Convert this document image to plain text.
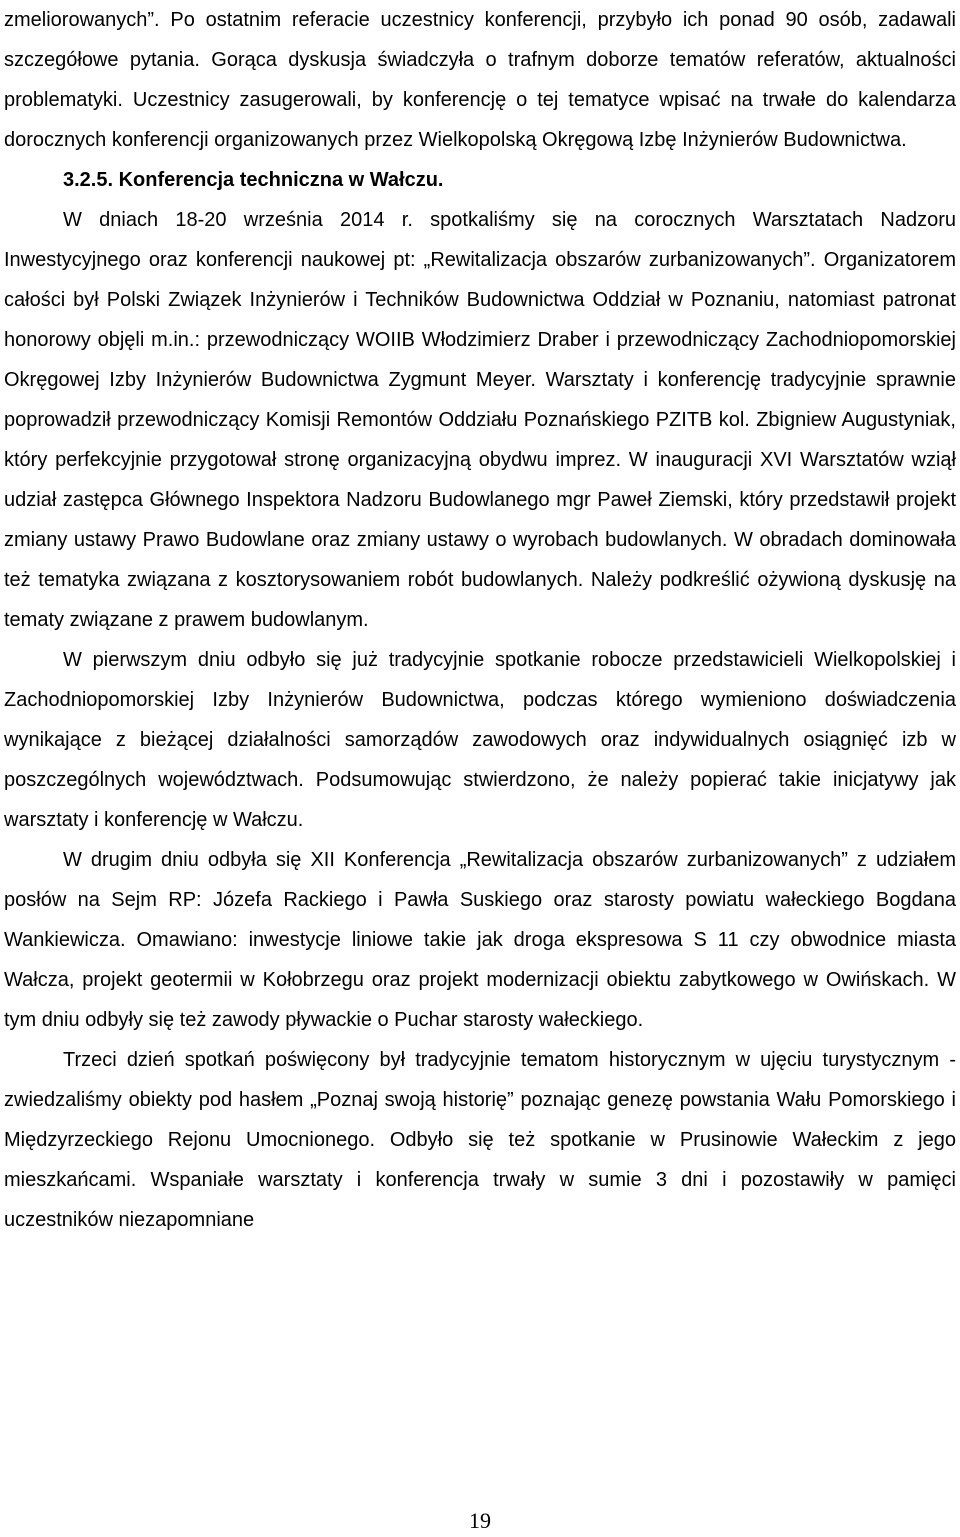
zmeliorowanych”. Po ostatnim referacie uczestnicy konferencji, przybyło ich ponad 90 osób, zadawali szczegółowe pytania. Gorąca dyskusja świadczyła o trafnym doborze tematów referatów, aktualności problematyki. Uczestnicy zasugerowali, by konferencję o tej tematyce wpisać na trwałe do kalendarza dorocznych konferencji organizowanych przez Wielkopolską Okręgową Izbę Inżynierów Budownictwa.

3.2.5. Konferencja techniczna w Wałczu.

W dniach 18-20 września 2014 r. spotkaliśmy się na corocznych Warsztatach Nadzoru Inwestycyjnego oraz konferencji naukowej pt: „Rewitalizacja obszarów zurbanizowanych”. Organizatorem całości był Polski Związek Inżynierów i Techników Budownictwa Oddział w Poznaniu, natomiast patronat honorowy objęli m.in.: przewodniczący WOIIB Włodzimierz Draber i przewodniczący Zachodniopomorskiej Okręgowej Izby Inżynierów Budownictwa Zygmunt Meyer. Warsztaty i konferencję tradycyjnie sprawnie poprowadził przewodniczący Komisji Remontów Oddziału Poznańskiego PZITB kol. Zbigniew Augustyniak, który perfekcyjnie przygotował stronę organizacyjną obydwu imprez. W inauguracji XVI Warsztatów wziął udział zastępca Głównego Inspektora Nadzoru Budowlanego mgr Paweł Ziemski, który przedstawił projekt zmiany ustawy Prawo Budowlane oraz zmiany ustawy o wyrobach budowlanych. W obradach dominowała też tematyka związana z kosztorysowaniem robót budowlanych. Należy podkreślić ożywioną dyskusję na tematy związane z prawem budowlanym.

W pierwszym dniu odbyło się już tradycyjnie spotkanie robocze przedstawicieli Wielkopolskiej i Zachodniopomorskiej Izby Inżynierów Budownictwa, podczas którego wymieniono doświadczenia wynikające z bieżącej działalności samorządów zawodowych oraz indywidualnych osiągnięć izb w poszczególnych województwach. Podsumowując stwierdzono, że należy popierać takie inicjatywy jak warsztaty i konferencję w Wałczu.

W drugim dniu odbyła się XII Konferencja „Rewitalizacja obszarów zurbanizowanych” z udziałem posłów na Sejm RP: Józefa Rackiego i Pawła Suskiego oraz starosty powiatu wałeckiego Bogdana Wankiewicza. Omawiano: inwestycje liniowe takie jak droga ekspresowa S 11 czy obwodnice miasta Wałcza, projekt geotermii w Kołobrzegu oraz projekt modernizacji obiektu zabytkowego w Owińskach. W tym dniu odbyły się też zawody pływackie o Puchar starosty wałeckiego.

Trzeci dzień spotkań poświęcony był tradycyjnie tematom historycznym w ujęciu turystycznym - zwiedzaliśmy obiekty pod hasłem „Poznaj swoją historię” poznając genezę powstania Wału Pomorskiego i Międzyrzeckiego Rejonu Umocnionego. Odbyło się też spotkanie w Prusinowie Wałeckim z jego mieszkańcami. Wspaniałe warsztaty i konferencja trwały w sumie 3 dni i pozostawiły w pamięci uczestników niezapomniane

19
